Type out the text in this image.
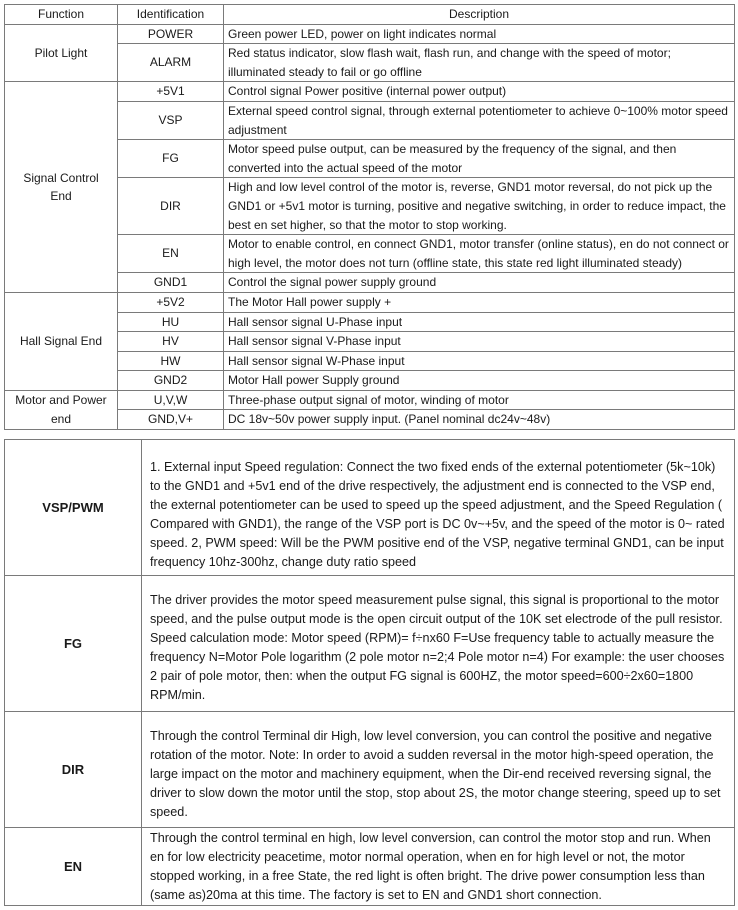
Function	Identification	Description
Pilot Light	POWER	Green power LED, power on light indicates normal
	ALARM	Red status indicator, slow flash wait, flash run, and change with the speed of motor; illuminated steady to fail or go offline
Signal Control End	+5V1	Control signal Power positive (internal power output)
	VSP	External speed control signal, through external potentiometer to achieve 0~100% motor speed adjustment
	FG	Motor speed pulse output, can be measured by the frequency of the signal, and then converted into the actual speed of the motor
	DIR	High and low level control of the motor is, reverse, GND1 motor reversal, do not pick up the GND1 or +5v1 motor is turning, positive and negative switching, in order to reduce impact, the best en set higher, so that the motor to stop working.
	EN	Motor to enable control, en connect GND1, motor transfer (online status), en do not connect or high level, the motor does not turn (offline state, this state red light illuminated steady)
	GND1	Control the signal power supply ground
Hall Signal End	+5V2	The Motor Hall power supply +
	HU	Hall sensor signal U-Phase input
	HV	Hall sensor signal V-Phase input
	HW	Hall sensor signal W-Phase input
	GND2	Motor Hall power Supply ground
Motor and Power end	U,V,W	Three-phase output signal of motor, winding of motor
	GND,V+	DC 18v~50v power supply input. (Panel nominal dc24v~48v)
VSP/PWM	1. External input Speed regulation: Connect the two fixed ends of the external potentiometer (5k~10k) to the GND1 and +5v1 end of the drive respectively, the adjustment end is connected to the VSP end, the external potentiometer can be used to speed up the speed adjustment, and the Speed Regulation ( Compared with GND1), the range of the VSP port is DC 0v~+5v, and the speed of the motor is 0~ rated speed. 2, PWM speed: Will be the PWM positive end of the VSP, negative terminal GND1, can be input frequency 10hz-300hz, change duty ratio speed
FG	The driver provides the motor speed measurement pulse signal, this signal is proportional to the motor speed, and the pulse output mode is the open circuit output of the 10K set electrode of the pull resistor. Speed calculation mode: Motor speed (RPM)= f÷nx60 F=Use frequency table to actually measure the frequency N=Motor Pole logarithm (2 pole motor n=2;4 Pole motor n=4) For example: the user chooses 2 pair of pole motor, then: when the output FG signal is 600HZ, the motor speed=600÷2x60=1800 RPM/min.
DIR	Through the control Terminal dir High, low level conversion, you can control the positive and negative rotation of the motor. Note: In order to avoid a sudden reversal in the motor high-speed operation, the large impact on the motor and machinery equipment, when the Dir-end received reversing signal, the driver to slow down the motor until the stop, stop about 2S, the motor change steering, speed up to set speed.
EN	Through the control terminal en high, low level conversion, can control the motor stop and run. When en for low electricity peacetime, motor normal operation, when en for high level or not, the motor stopped working, in a free State, the red light is often bright. The drive power consumption less than (same as)20ma at this time. The factory is set to EN and GND1 short connection.
